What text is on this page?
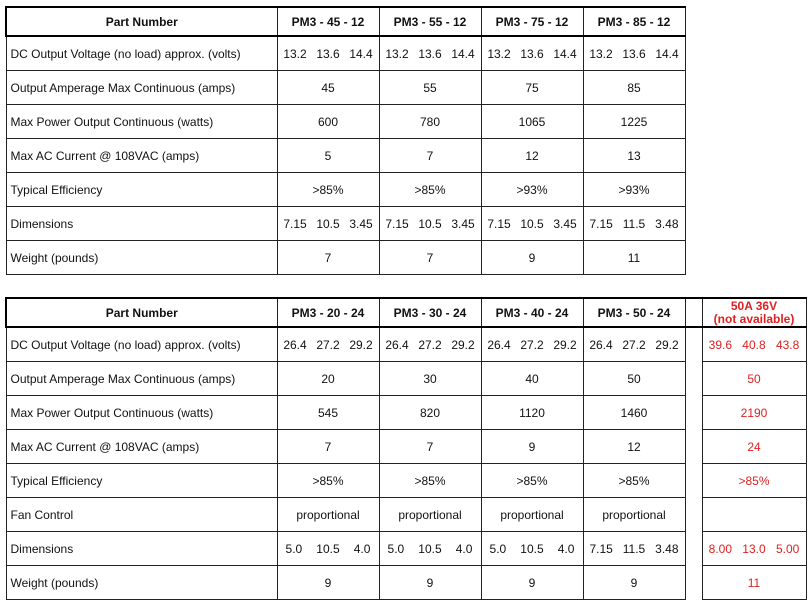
Part Number	PM3 - 45 - 12	PM3 - 55 - 12	PM3 - 75 - 12	PM3 - 85 - 12
DC Output Voltage (no load) approx. (volts)	13.2 13.6 14.4	13.2 13.6 14.4	13.2 13.6 14.4	13.2 13.6 14.4

Output Amperage Max Continuous (amps)	45	55	75	85
Max Power Output Continuous (watts)	600	780	1065	1225
Max AC Current @ 108VAC (amps)	5	7	12	13
Typical Efficiency	>85%	>85%	>93%	>93%
Dimensions	7.15 10.5 3.45	7.15 10.5 3.45	7.15 10.5 3.45	7.15 11.5 3.48

Weight (pounds)	7	7	9	11
Part Number	PM3 - 20 - 24	PM3 - 30 - 24	PM3 - 40 - 24	PM3 - 50 - 24		50A 36V
(not available)

DC Output Voltage (no load) approx. (volts)	26.4 27.2 29.2	26.4 27.2 29.2	26.4 27.2 29.2	26.4 27.2 29.2		39.6 40.8 43.8

Output Amperage Max Continuous (amps)	20	30	40	50		50
Max Power Output Continuous (watts)	545	820	1120	1460		2190
Max AC Current @ 108VAC (amps)	7	7	9	12		24
Typical Efficiency	>85%	>85%	>85%	>85%		>85%
Fan Control	proportional	proportional	proportional	proportional		
Dimensions	5.0 10.5 4.0	5.0 10.5 4.0	5.0 10.5 4.0	7.15 11.5 3.48		8.00 13.0 5.00

Weight (pounds)	9	9	9	9		11
